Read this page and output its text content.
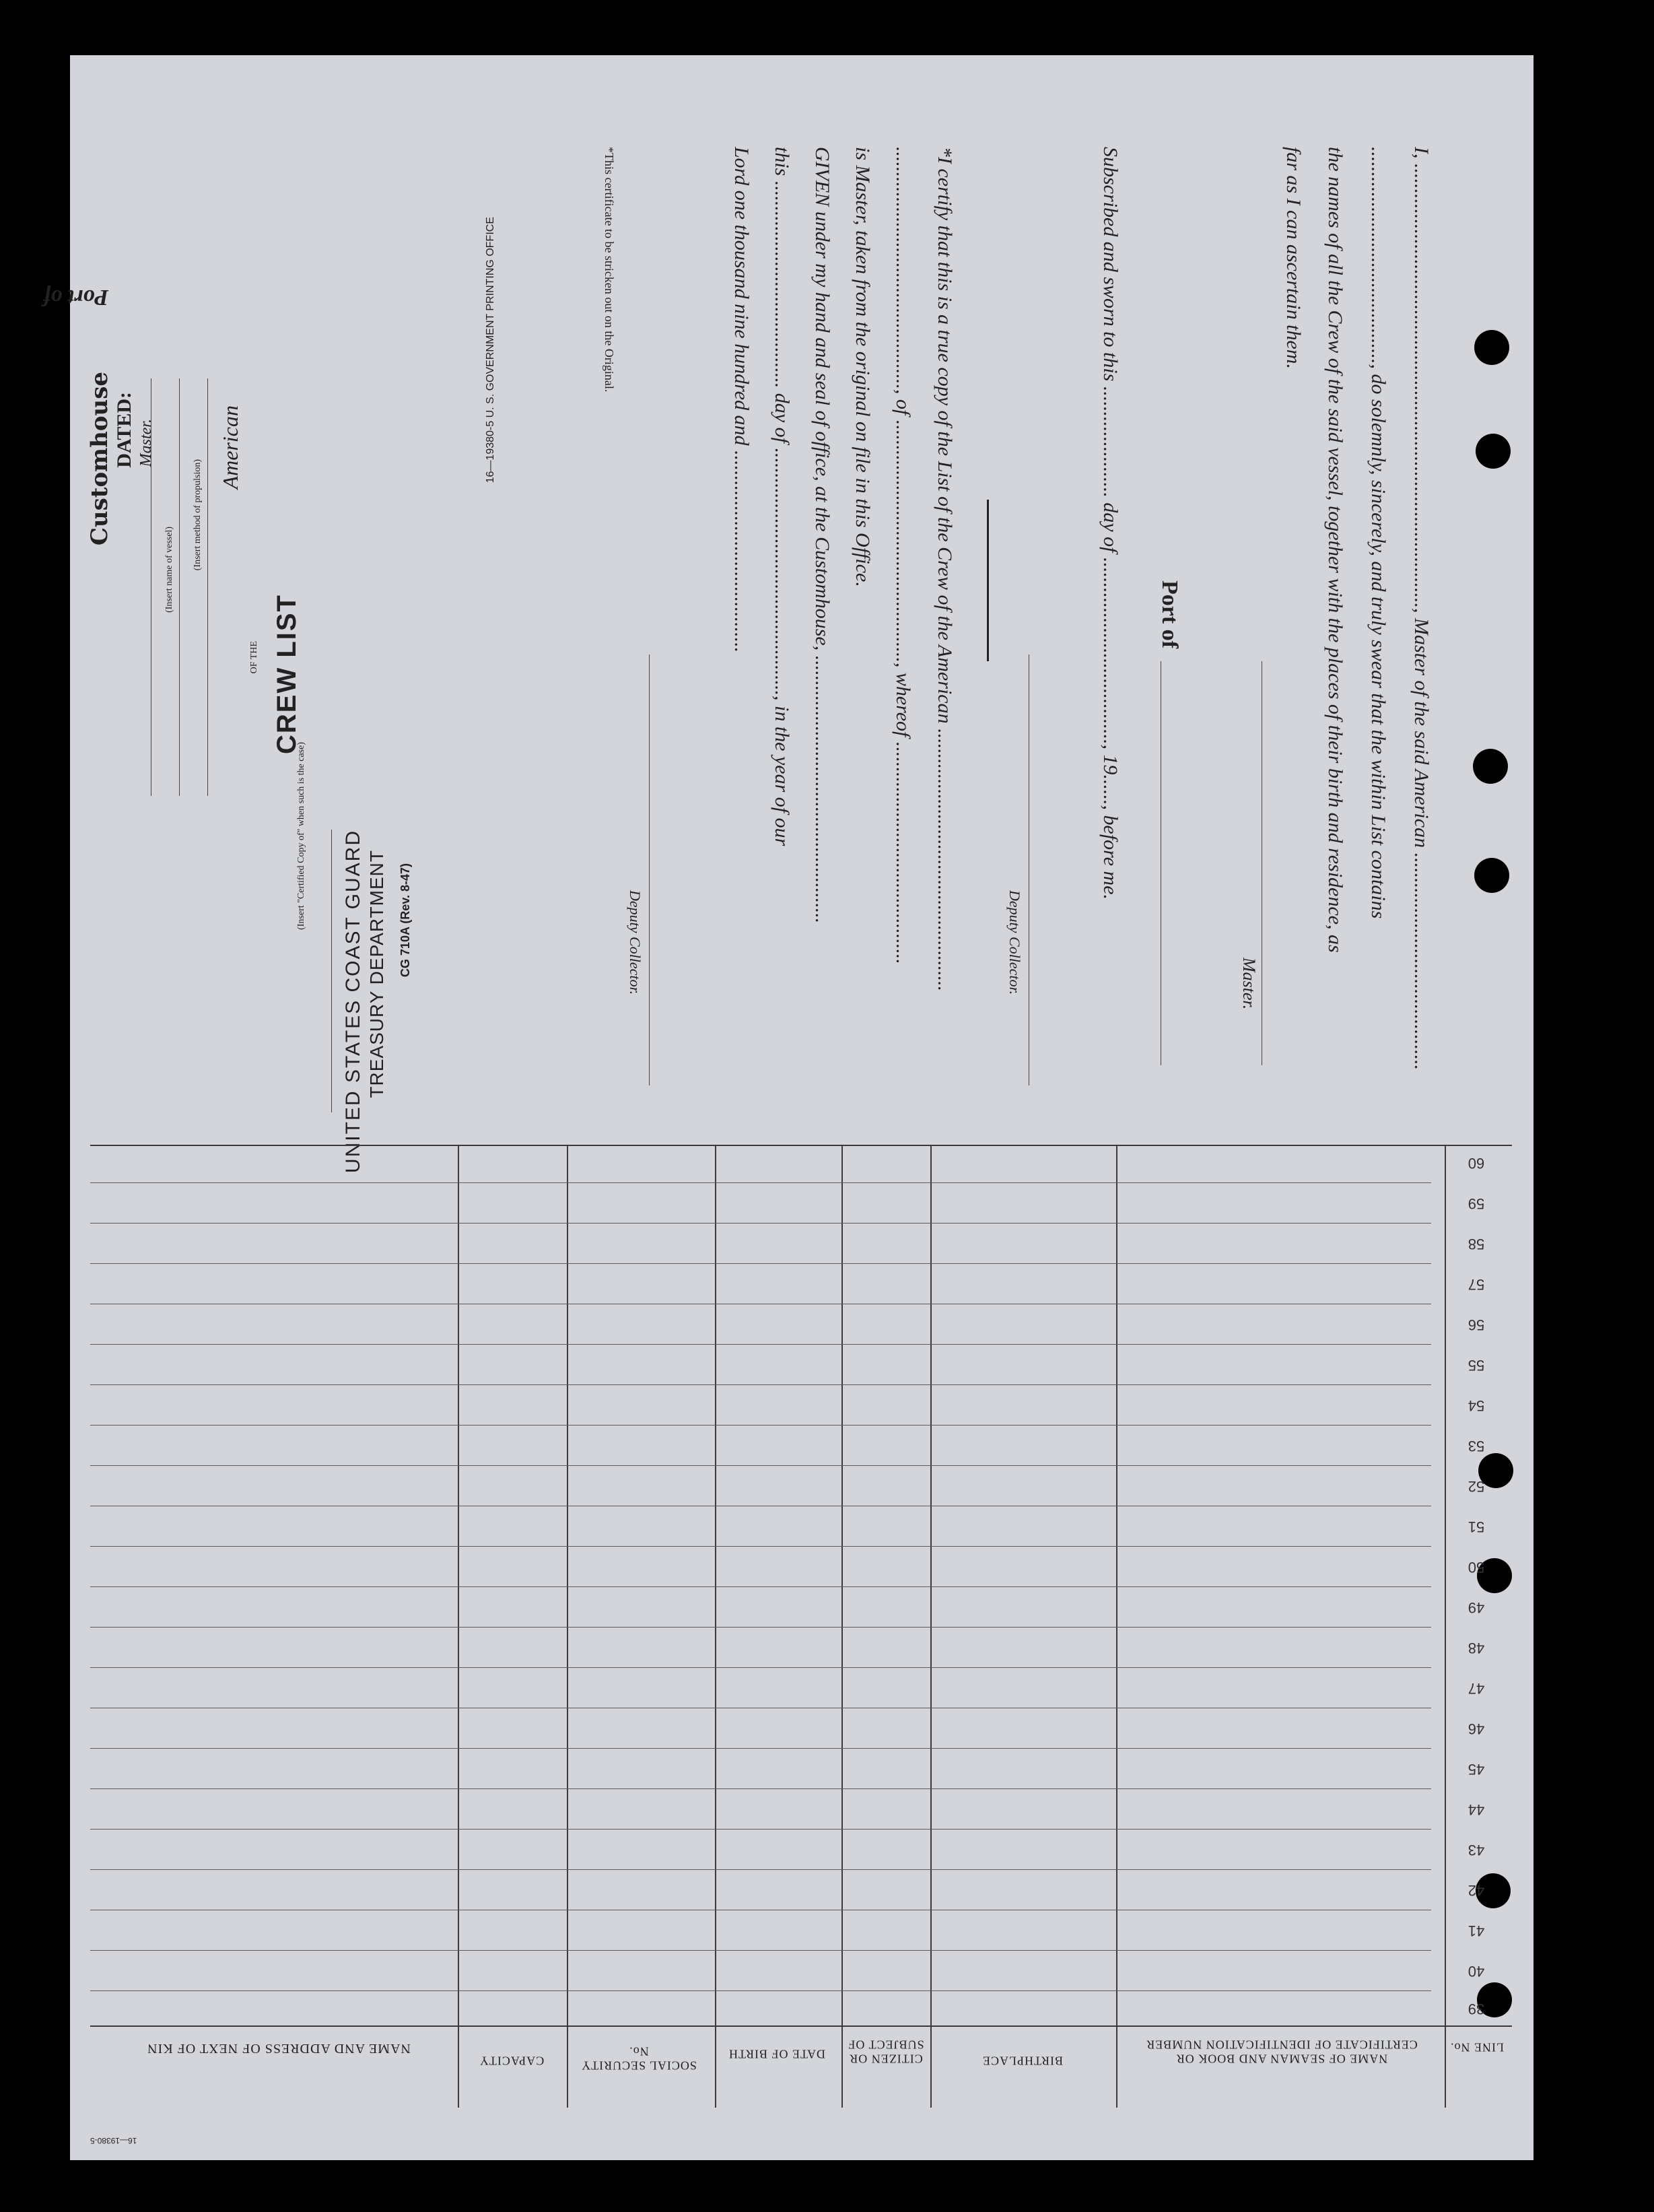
I, ........................................................................................, Master of the said American ...........................................
..........................................., do solemnly, sincerely, and truly swear that the within List contains
the names of all the Crew of the said vessel, together with the places of their birth and residence, as
far as I can ascertain them.
Master.
Port of
Subscribed and sworn to this ...................... day of ....................................., 19......, before me.
Deputy Collector.
*I certify that this is a true copy of the List of the Crew of the American ....................................................
................................................, of ................................................, whereof ............................................
is Master, taken from the original on file in this Office.
GIVEN under my hand and seal of office, at the Customhouse, .....................................................
this ......................................... day of ................................................., in the year of our
Lord one thousand nine hundred and ........................................
Deputy Collector.
*This certificate to be stricken out on the Original.
16—19380-5 U. S. GOVERNMENT PRINTING OFFICE
CG 710A (Rev. 8-47)
TREASURY DEPARTMENT
UNITED STATES COAST GUARD
(Insert "Certified Copy of" when such is the case)
CREW LIST
OF THE
American
(Insert method of propulsion)
(Insert name of vessel)
Master.
DATED:
Customhouse
Port of
60
59
58
57
56
55
54
53
52
51
50
49
48
47
46
45
44
43
42
41
40
39
LINE No.
NAME OF SEAMAN AND BOOK OR CERTIFICATE OF IDENTIFICATION NUMBER
BIRTHPLACE
CITIZEN OR SUBJECT OF
DATE OF BIRTH
SOCIAL SECURITY No.
CAPACITY
NAME AND ADDRESS OF NEXT OF KIN
16—19380-5
